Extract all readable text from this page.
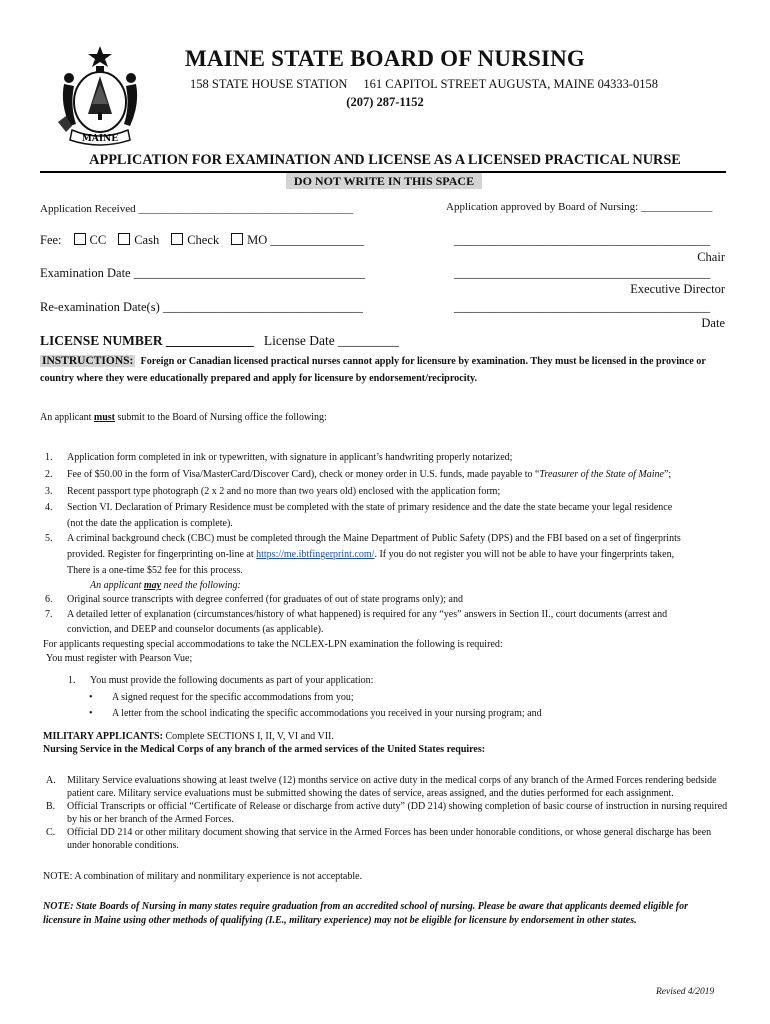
MAINE
MAINE STATE BOARD OF NURSING
158 STATE HOUSE STATION 161 CAPITOL STREET AUGUSTA, MAINE 04333-0158
(207) 287-1152
APPLICATION FOR EXAMINATION AND LICENSE AS A LICENSED PRACTICAL NURSE
DO NOT WRITE IN THIS SPACE
Application Received _______________________________________	Application approved by Board of Nursing: _____________
Fee: CC Cash Check MO _______________	_________________________________________
Chair
Examination Date _____________________________________	_________________________________________
Executive Director
Re-examination Date(s) ________________________________	_________________________________________
Date
LICENSE NUMBER _____________ License Date _________
INSTRUCTIONS: Foreign or Canadian licensed practical nurses cannot apply for licensure by examination. They must be licensed in the province or
country where they were educationally prepared and apply for licensure by endorsement/reciprocity.
An applicant must submit to the Board of Nursing office the following:
1. Application form completed in ink or typewritten, with signature in applicant’s handwriting properly notarized;
2. Fee of $50.00 in the form of Visa/MasterCard/Discover Card), check or money order in U.S. funds, made payable to “Treasurer of the State of Maine”;
3. Recent passport type photograph (2 x 2 and no more than two years old) enclosed with the application form;
4. Section VI. Declaration of Primary Residence must be completed with the state of primary residence and the date the state became your legal residence
(not the date the application is complete).
5. A criminal background check (CBC) must be completed through the Maine Department of Public Safety (DPS) and the FBI based on a set of fingerprints
provided. Register for fingerprinting on-line at https://me.ibtfingerprint.com/. If you do not register you will not be able to have your fingerprints taken,
There is a one-time $52 fee for this process.
An applicant may need the following:
6. Original source transcripts with degree conferred (for graduates of out of state programs only); and
7. A detailed letter of explanation (circumstances/history of what happened) is required for any “yes” answers in Section II., court documents (arrest and
conviction, and DEEP and counselor documents (as applicable).
For applicants requesting special accommodations to take the NCLEX-LPN examination the following is required:
You must register with Pearson Vue;
1. You must provide the following documents as part of your application:
• A signed request for the specific accommodations from you;
• A letter from the school indicating the specific accommodations you received in your nursing program; and
MILITARY APPLICANTS: Complete SECTIONS I, II, V, VI and VII.
Nursing Service in the Medical Corps of any branch of the armed services of the United States requires:
A. Military Service evaluations showing at least twelve (12) months service on active duty in the medical corps of any branch of the Armed Forces rendering bedside
patient care. Military service evaluations must be submitted showing the dates of service, areas assigned, and the duties performed for each assignment.
B. Official Transcripts or official “Certificate of Release or discharge from active duty” (DD 214) showing completion of basic course of instruction in nursing required
by his or her branch of the Armed Forces.
C. Official DD 214 or other military document showing that service in the Armed Forces has been under honorable conditions, or whose general discharge has been
under honorable conditions.
NOTE: A combination of military and nonmilitary experience is not acceptable.
NOTE: State Boards of Nursing in many states require graduation from an accredited school of nursing. Please be aware that applicants deemed eligible for
licensure in Maine using other methods of qualifying (I.E., military experience) may not be eligible for licensure by endorsement in other states.
Revised 4/2019
